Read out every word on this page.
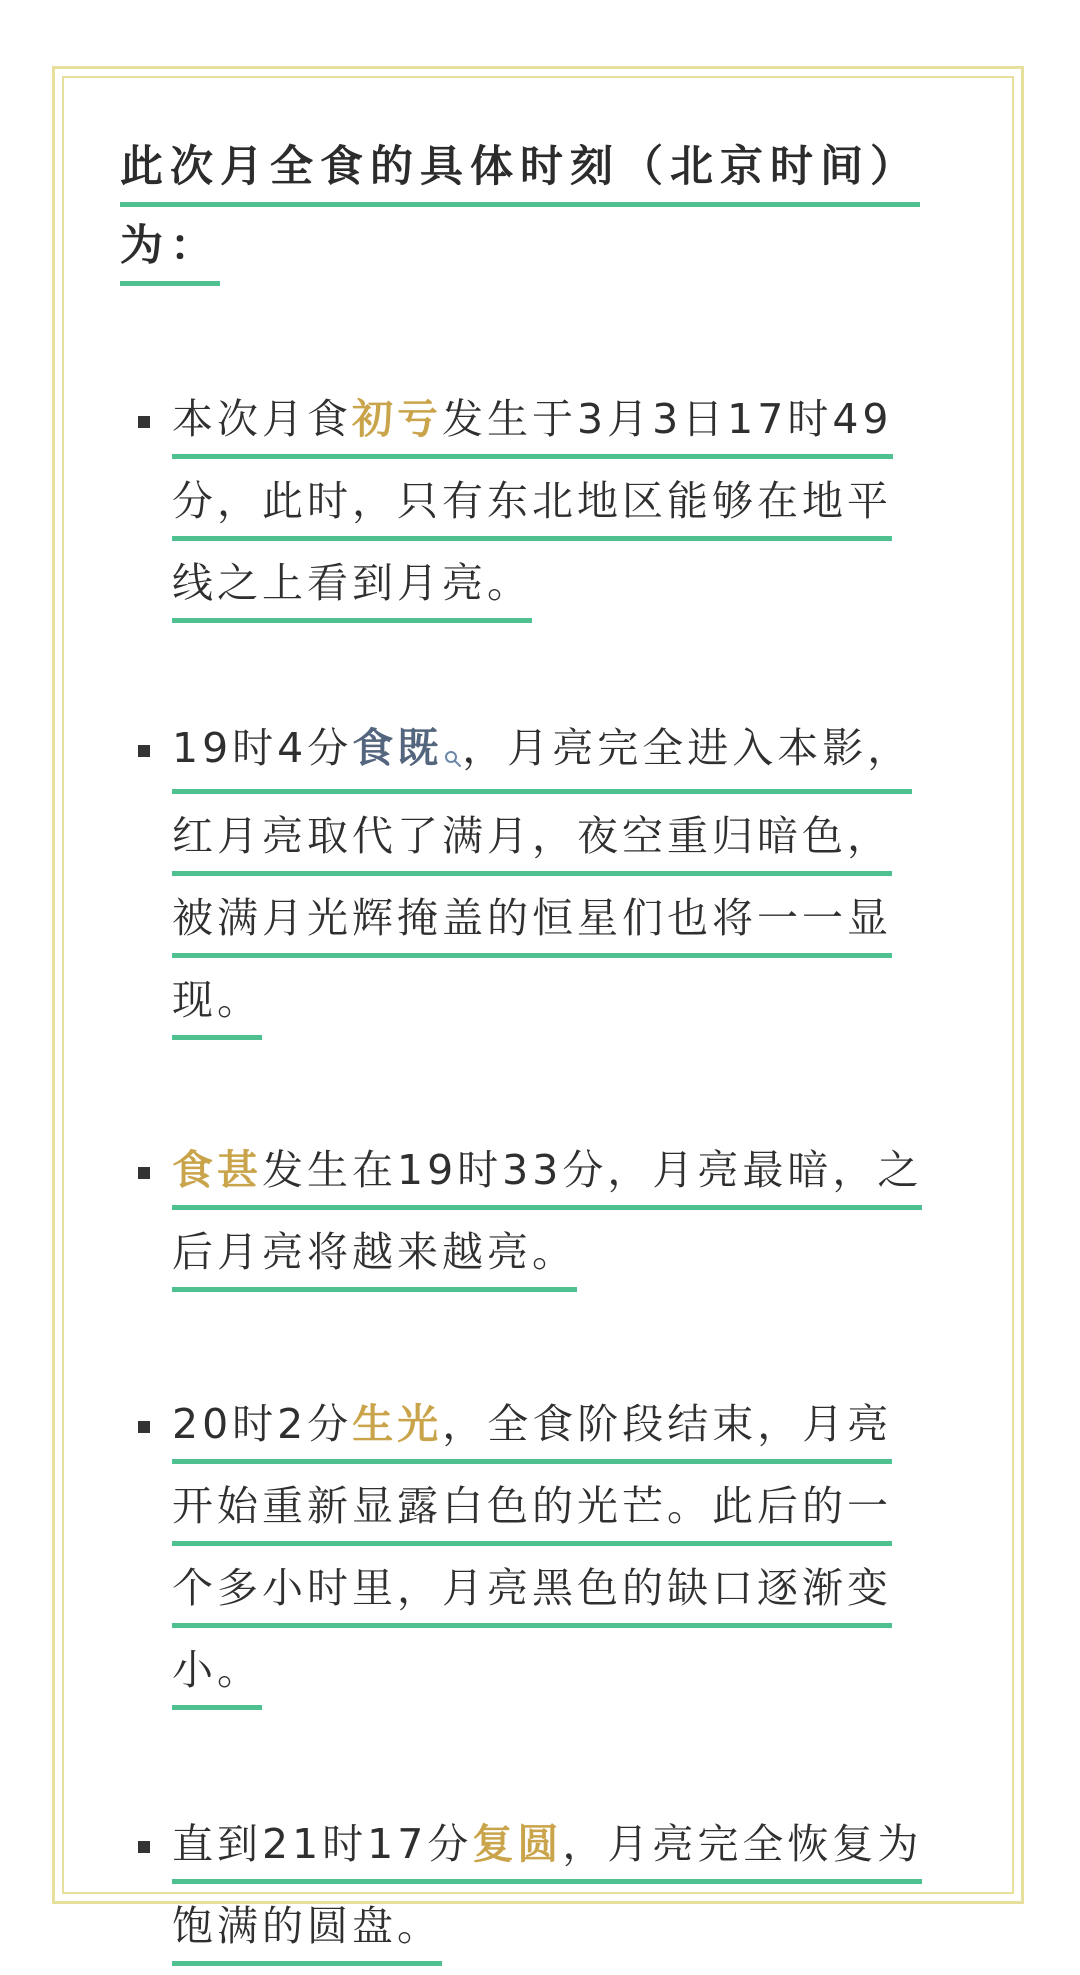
此次月全食的具体时刻（北京时间）
为：
本次月食初亏发生于3月3日17时49
分，此时，只有东北地区能够在地平
线之上看到月亮。
19时4分食既 ，月亮完全进入本影，
红月亮取代了满月，夜空重归暗色，
被满月光辉掩盖的恒星们也将一一显
现。
食甚发生在19时33分，月亮最暗，之
后月亮将越来越亮。
20时2分生光，全食阶段结束，月亮
开始重新显露白色的光芒。此后的一
个多小时里，月亮黑色的缺口逐渐变
小。
直到21时17分复圆，月亮完全恢复为
饱满的圆盘。
